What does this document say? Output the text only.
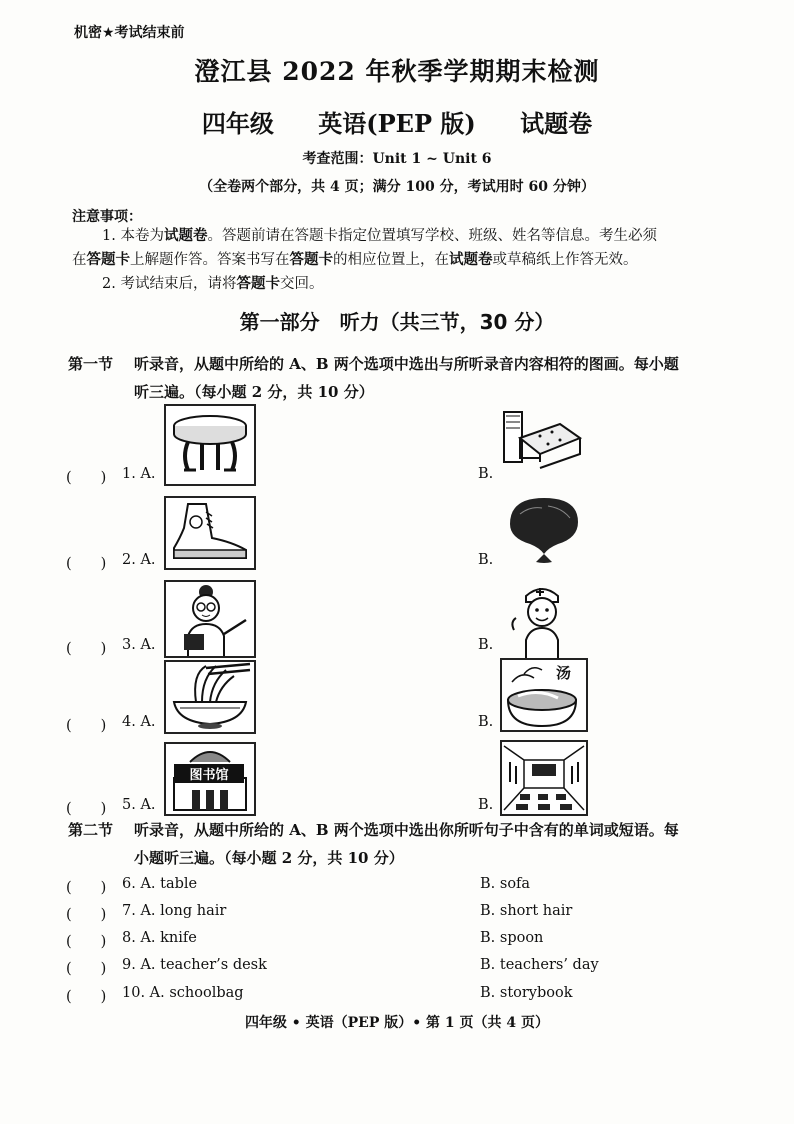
机密★考试结束前
澄江县 2022 年秋季学期期末检测
四年级 英语(PEP 版) 试题卷
考查范围：Unit 1 ~ Unit 6
（全卷两个部分，共 4 页；满分 100 分，考试用时 60 分钟）
注意事项：
1. 本卷为试题卷。答题前请在答题卡指定位置填写学校、班级、姓名等信息。考生必须
在答题卡上解题作答。答案书写在答题卡的相应位置上，在试题卷或草稿纸上作答无效。
2. 考试结束后，请将答题卡交回。
第一部分　听力（共三节，30 分）
第一节 听录音，从题中所给的 A、B 两个选项中选出与所听录音内容相符的图画。每小题
听三遍。（每小题 2 分，共 10 分）
(　　) 1. A.	B.
(　　) 2. A.	B.
(　　) 3. A.	B.
(　　) 4. A.	B.
汤
(　　) 5. A.	B.
图书馆
第二节 听录音，从题中所给的 A、B 两个选项中选出你所听句子中含有的单词或短语。每
小题听三遍。（每小题 2 分，共 10 分）
(　　) 6. A. table	B. sofa
(　　) 7. A. long hair	B. short hair
(　　) 8. A. knife	B. spoon
(　　) 9. A. teacher’s desk	B. teachers’ day
(　　) 10. A. schoolbag	B. storybook
四年级 • 英语（PEP 版）• 第 1 页（共 4 页）
